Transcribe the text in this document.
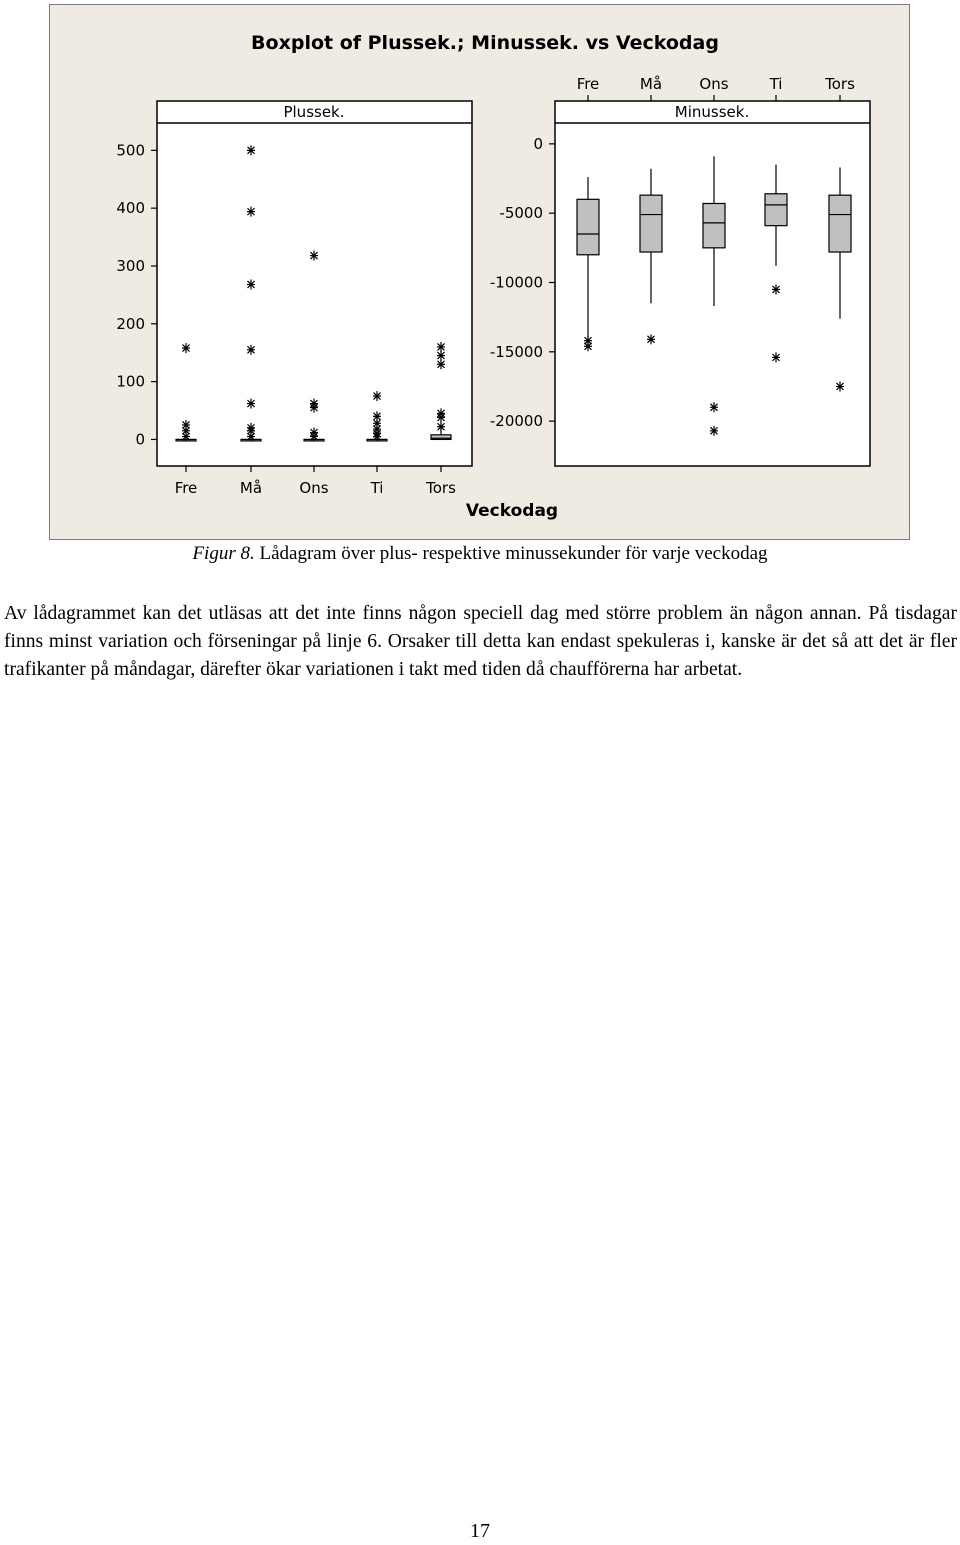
Boxplot of Plussek.; Minussek. vs Veckodag
Veckodag
Plussek.
0
100
200
300
400
500
Fre	Må Ons	Ti	Tors
Minussek.
0
-5000
-10000
-15000
-20000
Fre	Må Ons	Ti	Tors
Figur 8. Lådagram över plus- respektive minussekunder för varje veckodag

Av lådagrammet kan det utläsas att det inte finns någon speciell dag med större problem än någon annan. På tisdagar finns minst variation och förseningar på linje 6. Orsaker till detta kan endast spekuleras i, kanske är det så att det är fler trafikanter på måndagar, därefter ökar variationen i takt med tiden då chaufförerna har arbetat.

17
